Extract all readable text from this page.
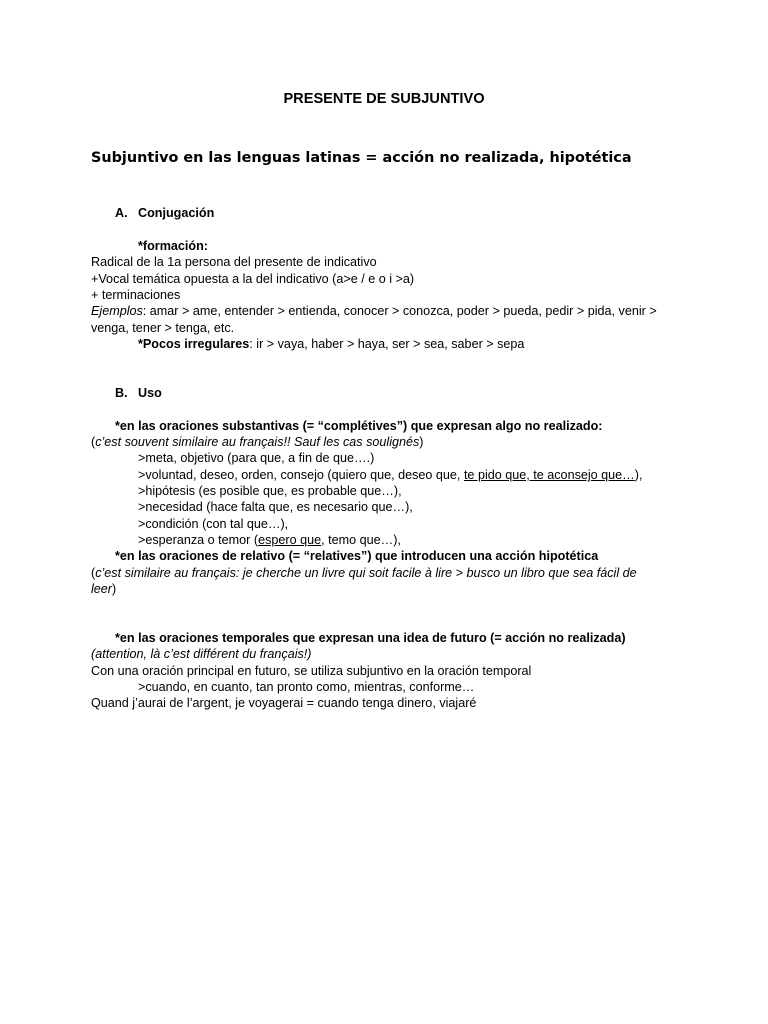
PRESENTE DE SUBJUNTIVO
Subjuntivo en las lenguas latinas = acción no realizada, hipotética
A. Conjugación
*formación:
Radical de la 1a persona del presente de indicativo
+Vocal temática opuesta a la del indicativo (a>e / e o i >a)
+ terminaciones
Ejemplos: amar > ame, entender > entienda, conocer > conozca, poder > pueda, pedir > pida, venir >
venga, tener > tenga, etc.
*Pocos irregulares: ir > vaya, haber > haya, ser > sea, saber > sepa
B. Uso
*en las oraciones substantivas (= “complétives”) que expresan algo no realizado:
(c’est souvent similaire au français!! Sauf les cas soulignés)
>meta, objetivo (para que, a fin de que….)
>voluntad, deseo, orden, consejo (quiero que, deseo que, te pido que, te aconsejo que…),
>hipótesis (es posible que, es probable que…),
>necesidad (hace falta que, es necesario que…),
>condición (con tal que…),
>esperanza o temor (espero que, temo que…),
*en las oraciones de relativo (= “relatives”) que introducen una acción hipotética
(c’est similaire au français: je cherche un livre qui soit facile à lire > busco un libro que sea fácil de
leer)
*en las oraciones temporales que expresan una idea de futuro (= acción no realizada)
(attention, là c’est différent du français!)
Con una oración principal en futuro, se utiliza subjuntivo en la oración temporal
>cuando, en cuanto, tan pronto como, mientras, conforme…
Quand j’aurai de l’argent, je voyagerai = cuando tenga dinero, viajaré
